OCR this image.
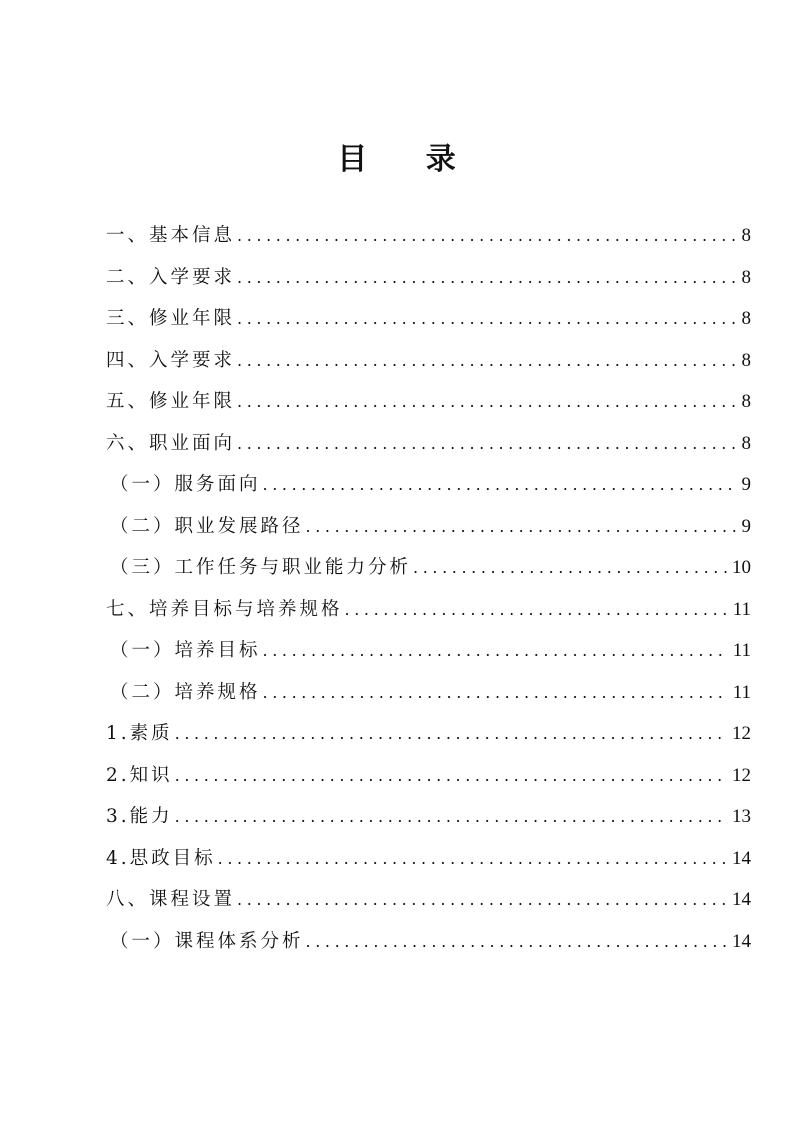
目 录
一、基本信息 .....	8
二、入学要求 .....	8
三、修业年限 .....	8
四、入学要求 .....	8
五、修业年限 .....	8
六、职业面向 .....	8
（一）服务面向 .....	9
（二）职业发展路径 .....	9
（三）工作任务与职业能力分析 .....	10
七、培养目标与培养规格 .....	11
（一）培养目标 .....	11
（二）培养规格 .....	11
1.素质 .....	12
2.知识 .....	12
3.能力 .....	13
4.思政目标 .....	14
八、课程设置 .....	14
（一）课程体系分析 .....	14
